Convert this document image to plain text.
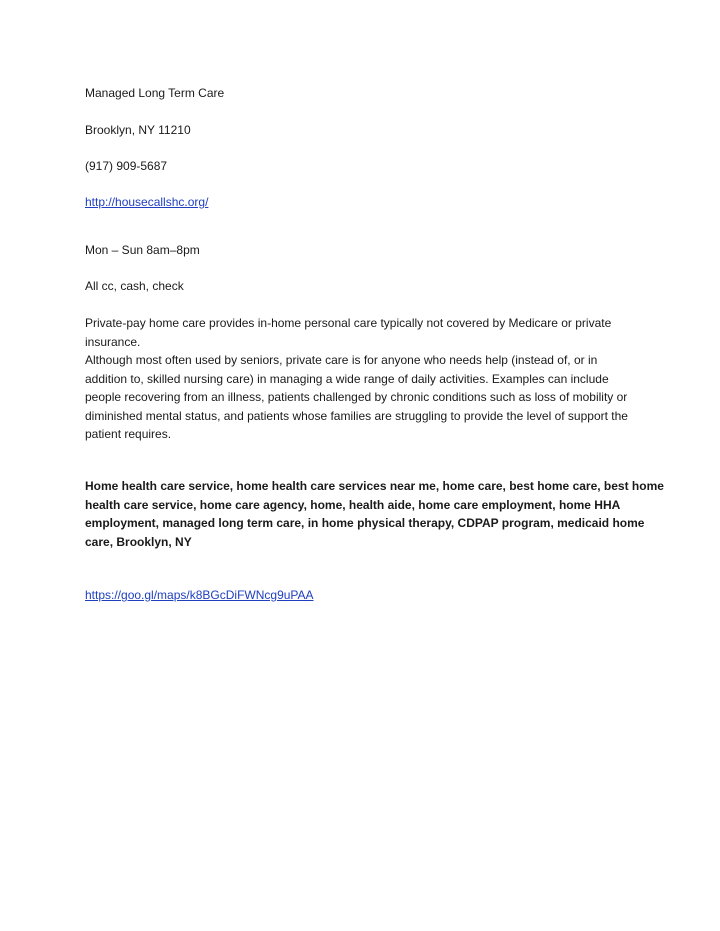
Managed Long Term Care
Brooklyn, NY 11210
(917) 909-5687
http://housecallshc.org/
Mon – Sun 8am–8pm
All cc, cash, check
Private-pay home care provides in-home personal care typically not covered by Medicare or private
insurance.
Although most often used by seniors, private care is for anyone who needs help (instead of, or in
addition to, skilled nursing care) in managing a wide range of daily activities. Examples can include
people recovering from an illness, patients challenged by chronic conditions such as loss of mobility or
diminished mental status, and patients whose families are struggling to provide the level of support the
patient requires.
Home health care service, home health care services near me, home care, best home care, best home
health care service, home care agency, home, health aide, home care employment, home HHA
employment, managed long term care, in home physical therapy, CDPAP program, medicaid home
care, Brooklyn, NY
https://goo.gl/maps/k8BGcDiFWNcg9uPAA
